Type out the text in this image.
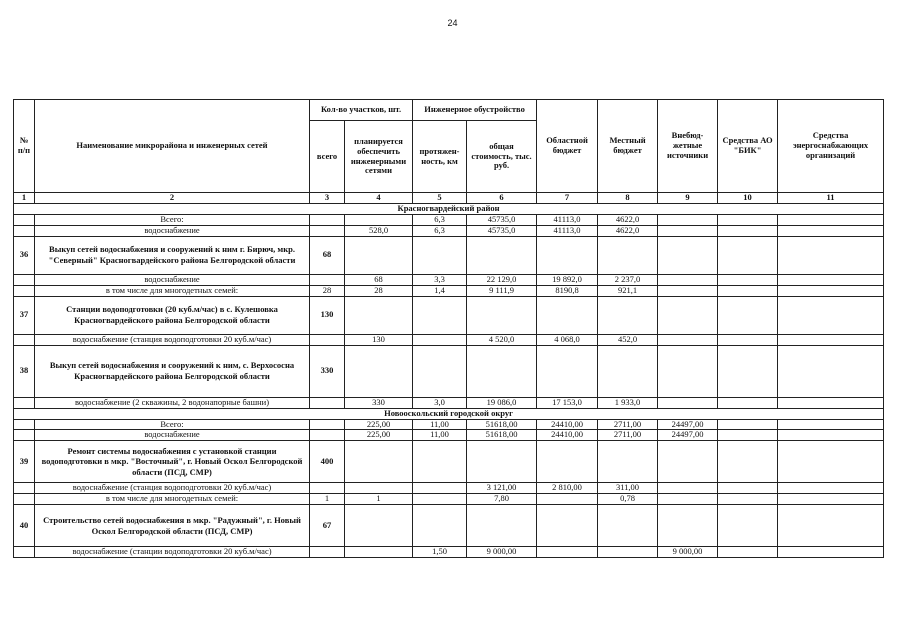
24
№ п/п	Наименование микрорайона и инженерных сетей	Кол-во участков, шт.		Инженерное обустройство		Областной бюджет	Местный бюджет	Внебюд-жетные источники	Средства АО "БИК"	Средства энергоснабжающих организаций
		всего	планируется обеспечить инженерными сетями	протяжен-ность, км	общая стоимость, тыс. руб.					
1	2	3	4	5	6	7	8	9	10	11
Красногвардейский район										
	Всего:			6,3	45735,0	41113,0	4622,0			
	водоснабжение		528,0	6,3	45735,0	41113,0	4622,0			
36	Выкуп сетей водоснабжения и сооружений к ним г. Бирюч, мкр. "Северный" Красногвардейского района Белгородской области	68								
	водоснабжение		68	3,3	22 129,0	19 892,0	2 237,0			
	в том числе для многодетных семей:	28	28	1,4	9 111,9	8190,8	921,1			
37	Станции водоподготовки (20 куб.м/час) в с. Кулешовка Красногвардейского района Белгородской области	130								
	водоснабжение (станция водоподготовки 20 куб.м/час)		130		4 520,0	4 068,0	452,0			
38	Выкуп сетей водоснабжения и сооружений к ним, с. Верхососна Красногвардейского района Белгородской области	330								
	водоснабжение (2 скважины, 2 водонапорные башни)		330	3,0	19 086,0	17 153,0	1 933,0			
Новооскольский городской округ										
	Всего:		225,00	11,00	51618,00	24410,00	2711,00	24497,00		
	водоснабжение		225,00	11,00	51618,00	24410,00	2711,00	24497,00		
39	Ремонт системы водоснабжения с установкой станции водоподготовки в мкр. "Восточный", г. Новый Оскол Белгородской области (ПСД, СМР)	400								
	водоснабжение (станция водоподготовки 20 куб.м/час)				3 121,00	2 810,00	311,00			
	в том числе для многодетных семей:	1	1		7,80		0,78			
40	Строительство сетей водоснабжения в мкр. "Радужный", г. Новый Оскол Белгородской области (ПСД, СМР)	67								
	водоснабжение (станции водоподготовки 20 куб.м/час)			1,50	9 000,00			9 000,00		
